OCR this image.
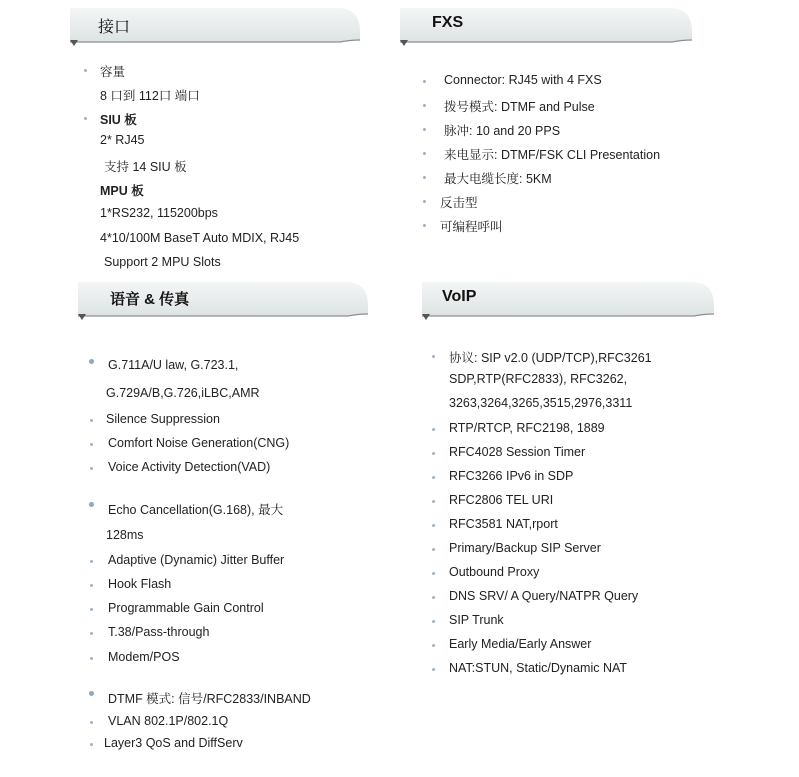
接口	FXS
语音 & 传真	VoIP
容量
8 口到 112口 端口
SIU 板
2* RJ45
支持 14 SIU 板
MPU 板
1*RS232, 115200bps
4*10/100M BaseT Auto MDIX, RJ45
Support 2 MPU Slots
Connector: RJ45 with 4 FXS
拨号模式: DTMF and Pulse
脉冲: 10 and 20 PPS
来电显示: DTMF/FSK CLI Presentation
最大电缆长度: 5KM
反击型
可编程呼叫
G.711A/U law, G.723.1,
G.729A/B,G.726,iLBC,AMR
Silence Suppression
Comfort Noise Generation(CNG)
Voice Activity Detection(VAD)
Echo Cancellation(G.168), 最大
128ms
Adaptive (Dynamic) Jitter Buffer
Hook Flash
Programmable Gain Control
T.38/Pass-through
Modem/POS
DTMF 模式: 信号/RFC2833/INBAND
VLAN 802.1P/802.1Q
Layer3 QoS and DiffServ
协议: SIP v2.0 (UDP/TCP),RFC3261
SDP,RTP(RFC2833), RFC3262,
3263,3264,3265,3515,2976,3311
RTP/RTCP, RFC2198, 1889
RFC4028 Session Timer
RFC3266 IPv6 in SDP
RFC2806 TEL URI
RFC3581 NAT,rport
Primary/Backup SIP Server
Outbound Proxy
DNS SRV/ A Query/NATPR Query
SIP Trunk
Early Media/Early Answer
NAT:STUN, Static/Dynamic NAT
